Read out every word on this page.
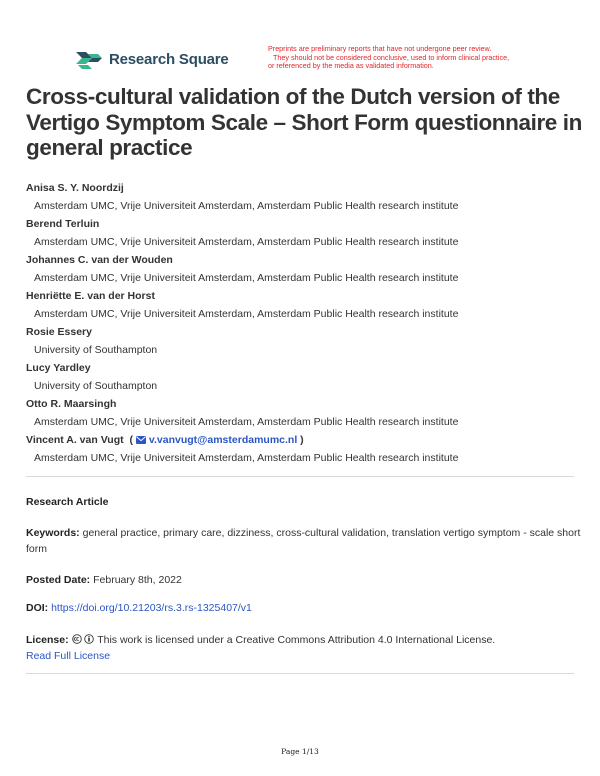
Research Square
Preprints are preliminary reports that have not undergone peer review.
They should not be considered conclusive, used to inform clinical practice,
or referenced by the media as validated information.
Cross-cultural validation of the Dutch version of the Vertigo Symptom Scale – Short Form questionnaire in general practice
Anisa S. Y. Noordzij
Amsterdam UMC, Vrije Universiteit Amsterdam, Amsterdam Public Health research institute
Berend Terluin
Amsterdam UMC, Vrije Universiteit Amsterdam, Amsterdam Public Health research institute
Johannes C. van der Wouden
Amsterdam UMC, Vrije Universiteit Amsterdam, Amsterdam Public Health research institute
Henriëtte E. van der Horst
Amsterdam UMC, Vrije Universiteit Amsterdam, Amsterdam Public Health research institute
Rosie Essery
University of Southampton
Lucy Yardley
University of Southampton
Otto R. Maarsingh
Amsterdam UMC, Vrije Universiteit Amsterdam, Amsterdam Public Health research institute
Vincent A. van Vugt  ( v.vanvugt@amsterdamumc.nl )
Amsterdam UMC, Vrije Universiteit Amsterdam, Amsterdam Public Health research institute
Research Article
Keywords: general practice, primary care, dizziness, cross-cultural validation, translation vertigo symptom - scale short form
Posted Date: February 8th, 2022
DOI: https://doi.org/10.21203/rs.3.rs-1325407/v1
License:	This work is licensed under a Creative Commons Attribution 4.0 International License.
Read Full License
Page 1/13
